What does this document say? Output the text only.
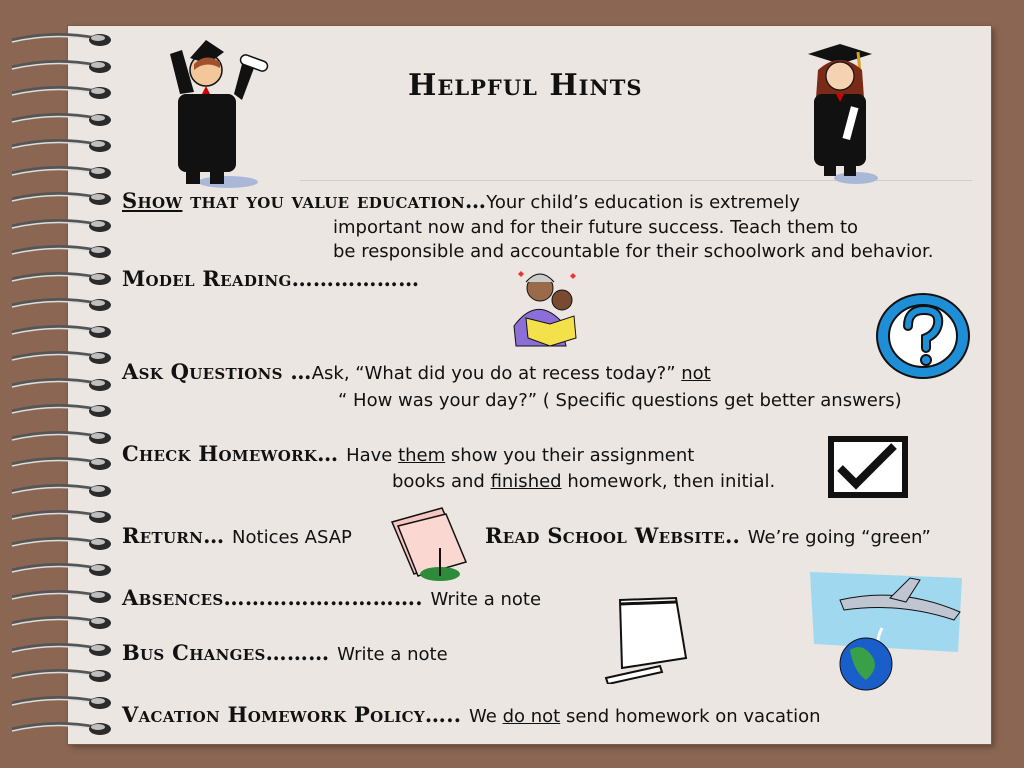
Helpful Hints
Show that you value education…Your child’s education is extremely
important now and for their future success. Teach them to
be responsible and accountable for their schoolwork and behavior.
Model Reading………………
Ask Questions …Ask, “What did you do at recess today?” not
“ How was your day?” ( Specific questions get better answers)
Check Homework… Have them show you their assignment
books and finished homework, then initial.
Return… Notices ASAP	Read School Website.. We’re going “green”
Absences………………………. Write a note
Bus Changes……… Write a note
Vacation Homework Policy….. We do not send homework on vacation
